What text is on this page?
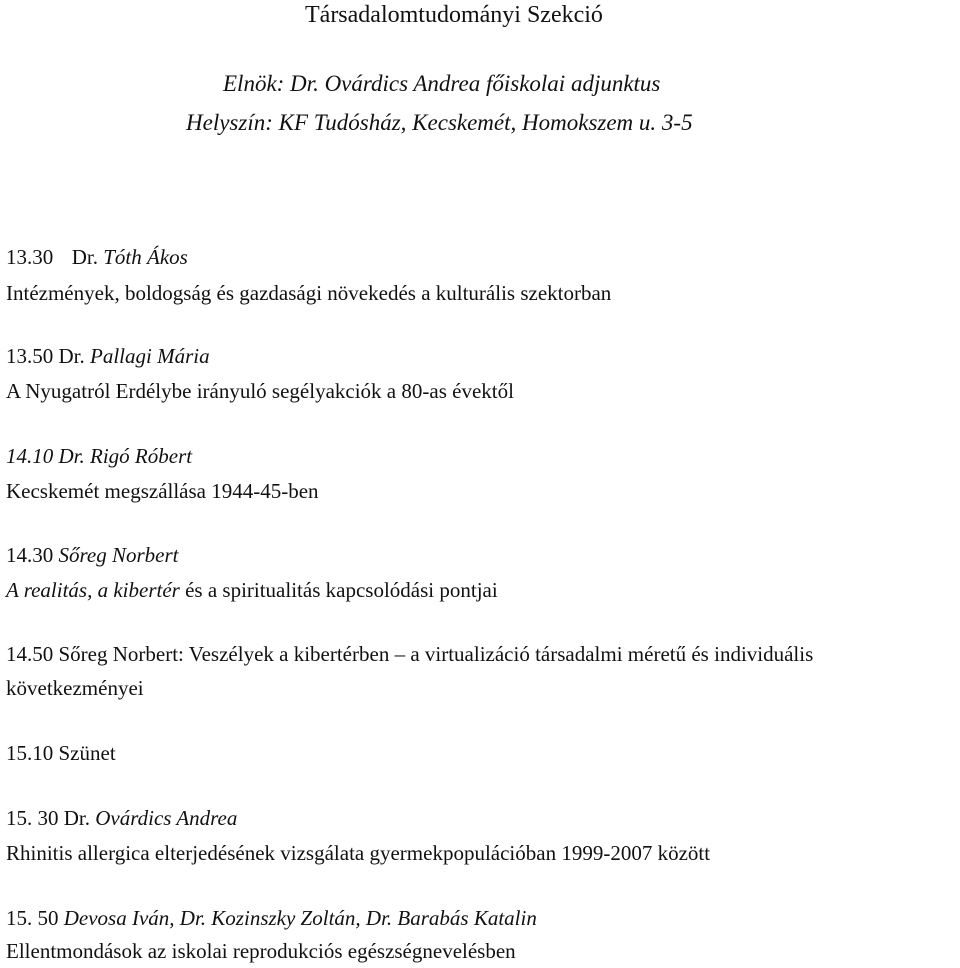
Társadalomtudományi Szekció
Elnök: Dr. Ovárdics Andrea főiskolai adjunktus
Helyszín: KF Tudósház, Kecskemét, Homokszem u. 3-5
13.30 Dr. Tóth Ákos
Intézmények, boldogság és gazdasági növekedés a kulturális szektorban
13.50 Dr. Pallagi Mária
A Nyugatról Erdélybe irányuló segélyakciók a 80-as évektől
14.10 Dr. Rigó Róbert
Kecskemét megszállása 1944-45-ben
14.30 Sőreg Norbert
A realitás, a kibertér és a spiritualitás kapcsolódási pontjai
14.50 Sőreg Norbert: Veszélyek a kibertérben – a virtualizáció társadalmi méretű és individuális
következményei
15.10 Szünet
15. 30 Dr. Ovárdics Andrea
Rhinitis allergica elterjedésének vizsgálata gyermekpopulációban 1999-2007 között
15. 50 Devosa Iván, Dr. Kozinszky Zoltán, Dr. Barabás Katalin
Ellentmondások az iskolai reprodukciós egészségnevelésben
